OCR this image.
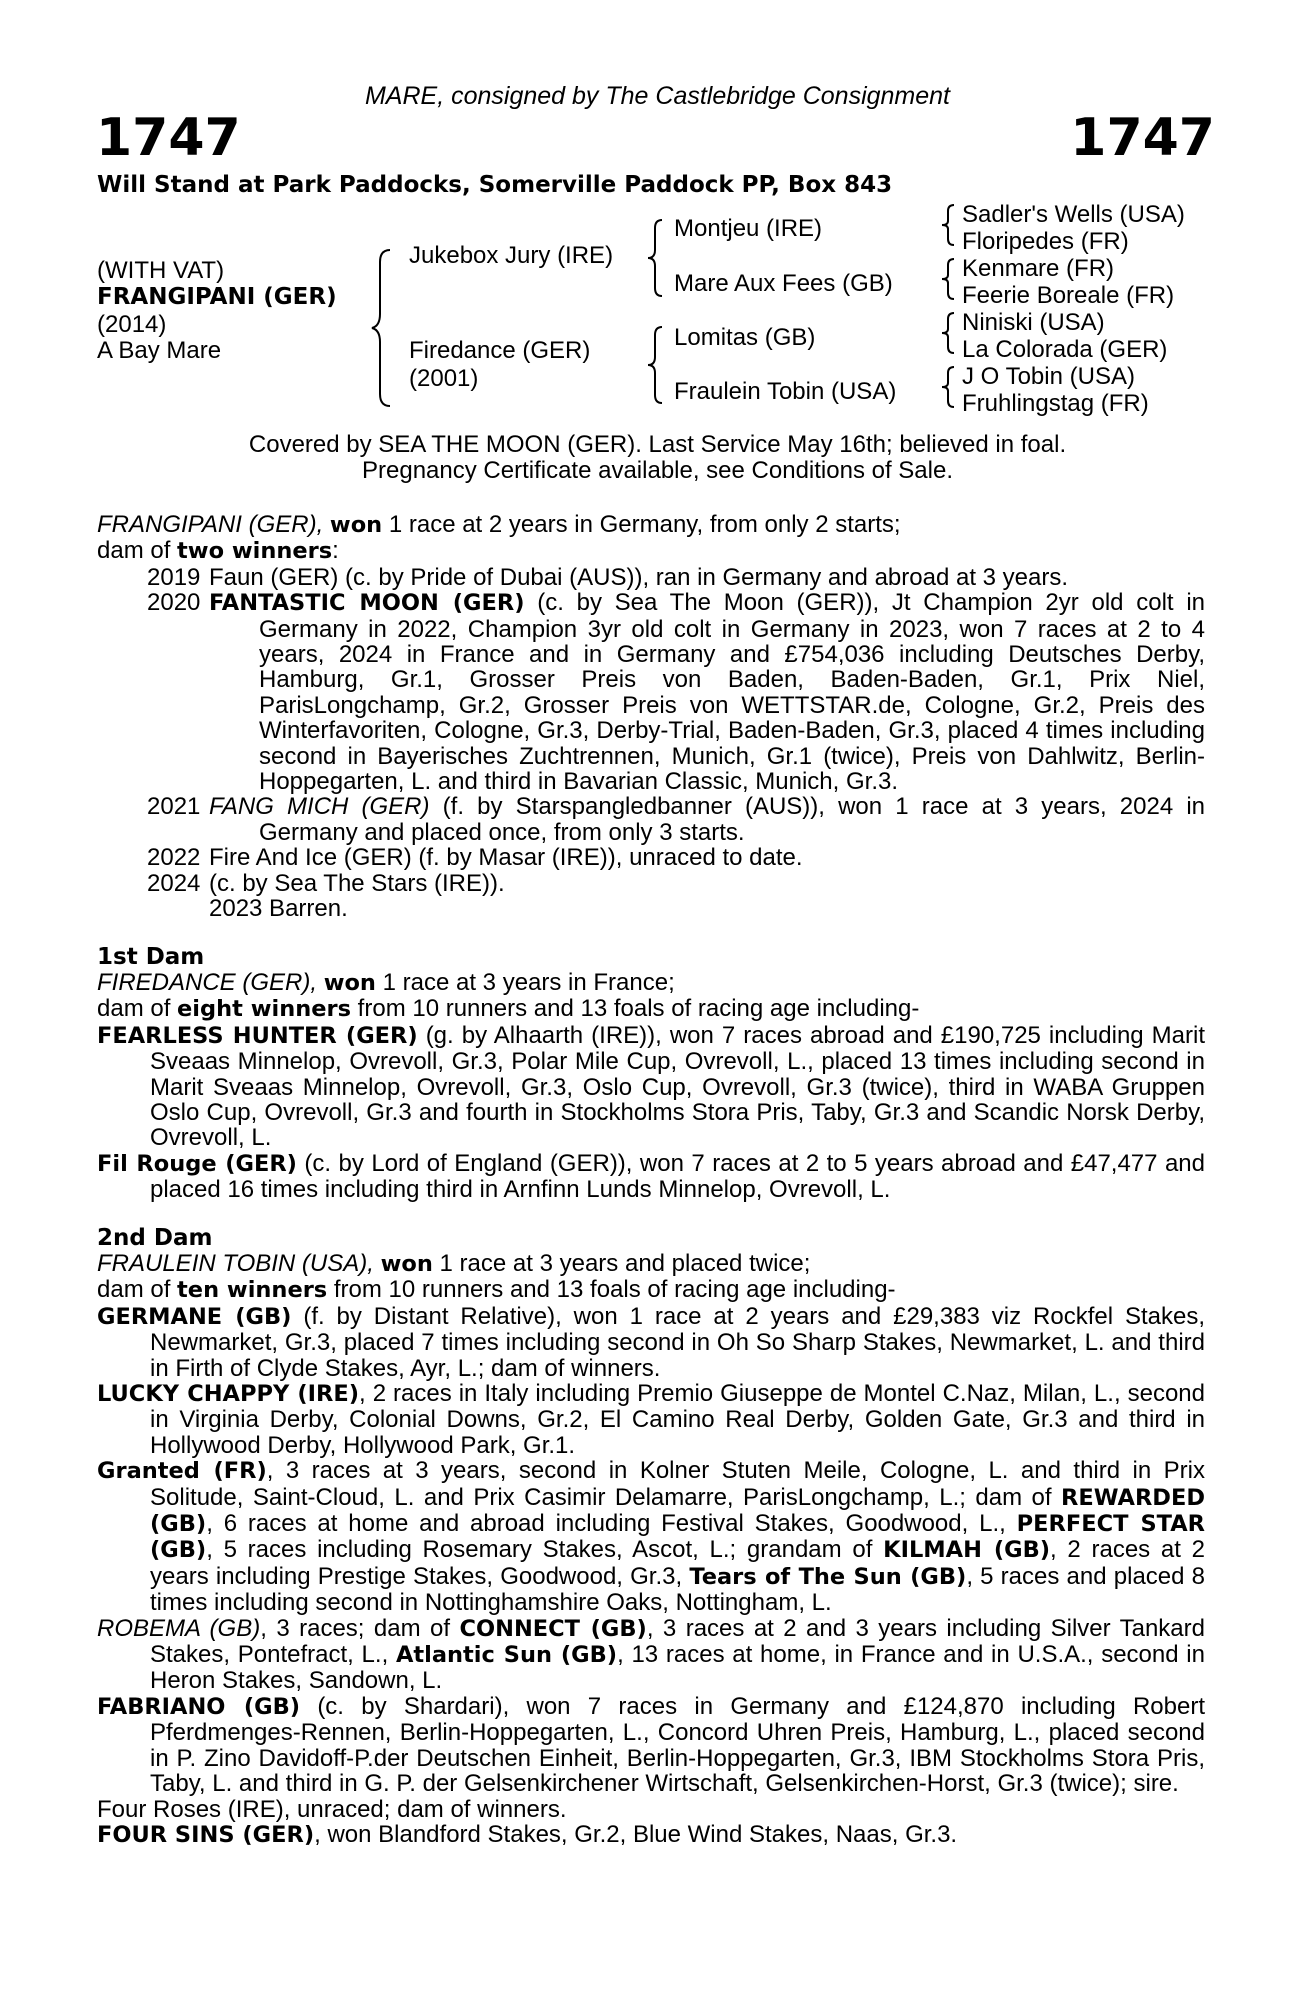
MARE, consigned by The Castlebridge Consignment
1747	1747
Will Stand at Park Paddocks, Somerville Paddock PP, Box 843
(WITH VAT)
FRANGIPANI (GER)
(2014)
A Bay Mare
Jukebox Jury (IRE)
Firedance (GER)
(2001)
Montjeu (IRE)
Mare Aux Fees (GB)
Lomitas (GB)
Fraulein Tobin (USA)
Sadler's Wells (USA)
Floripedes (FR)
Kenmare (FR)
Feerie Boreale (FR)
Niniski (USA)
La Colorada (GER)
J O Tobin (USA)
Fruhlingstag (FR)
Covered by SEA THE MOON (GER). Last Service May 16th; believed in foal.
Pregnancy Certificate available, see Conditions of Sale.

FRANGIPANI (GER), won 1 race at 2 years in Germany, from only 2 starts;

dam of two winners:

2019 Faun (GER) (c. by Pride of Dubai (AUS)), ran in Germany and abroad at 3 years.
2020 FANTASTIC MOON (GER) (c. by Sea The Moon (GER)), Jt Champion 2yr old colt in Germany in 2022, Champion 3yr old colt in Germany in 2023, won 7 races at 2 to 4 years, 2024 in France and in Germany and £754,036 including Deutsches Derby, Hamburg, Gr.1, Grosser Preis von Baden, Baden-Baden, Gr.1, Prix Niel, ParisLongchamp, Gr.2, Grosser Preis von WETTSTAR.de, Cologne, Gr.2, Preis des Winterfavoriten, Cologne, Gr.3, Derby-Trial, Baden-Baden, Gr.3, placed 4 times including second in Bayerisches Zuchtrennen, Munich, Gr.1 (twice), Preis von Dahlwitz, Berlin-Hoppegarten, L. and third in Bavarian Classic, Munich, Gr.3.
2021 FANG MICH (GER) (f. by Starspangledbanner (AUS)), won 1 race at 3 years, 2024 in Germany and placed once, from only 3 starts.
2022 Fire And Ice (GER) (f. by Masar (IRE)), unraced to date.
2024 (c. by Sea The Stars (IRE)).
2023 Barren.

1st Dam

FIREDANCE (GER), won 1 race at 3 years in France;

dam of eight winners from 10 runners and 13 foals of racing age including-

FEARLESS HUNTER (GER) (g. by Alhaarth (IRE)), won 7 races abroad and £190,725 including Marit Sveaas Minnelop, Ovrevoll, Gr.3, Polar Mile Cup, Ovrevoll, L., placed 13 times including second in Marit Sveaas Minnelop, Ovrevoll, Gr.3, Oslo Cup, Ovrevoll, Gr.3 (twice), third in WABA Gruppen Oslo Cup, Ovrevoll, Gr.3 and fourth in Stockholms Stora Pris, Taby, Gr.3 and Scandic Norsk Derby, Ovrevoll, L.

Fil Rouge (GER) (c. by Lord of England (GER)), won 7 races at 2 to 5 years abroad and £47,477 and placed 16 times including third in Arnfinn Lunds Minnelop, Ovrevoll, L.

2nd Dam

FRAULEIN TOBIN (USA), won 1 race at 3 years and placed twice;

dam of ten winners from 10 runners and 13 foals of racing age including-

GERMANE (GB) (f. by Distant Relative), won 1 race at 2 years and £29,383 viz Rockfel Stakes, Newmarket, Gr.3, placed 7 times including second in Oh So Sharp Stakes, Newmarket, L. and third in Firth of Clyde Stakes, Ayr, L.; dam of winners.

LUCKY CHAPPY (IRE), 2 races in Italy including Premio Giuseppe de Montel C.Naz, Milan, L., second in Virginia Derby, Colonial Downs, Gr.2, El Camino Real Derby, Golden Gate, Gr.3 and third in Hollywood Derby, Hollywood Park, Gr.1.

Granted (FR), 3 races at 3 years, second in Kolner Stuten Meile, Cologne, L. and third in Prix Solitude, Saint-Cloud, L. and Prix Casimir Delamarre, ParisLongchamp, L.; dam of REWARDED (GB), 6 races at home and abroad including Festival Stakes, Goodwood, L., PERFECT STAR (GB), 5 races including Rosemary Stakes, Ascot, L.; grandam of KILMAH (GB), 2 races at 2 years including Prestige Stakes, Goodwood, Gr.3, Tears of The Sun (GB), 5 races and placed 8 times including second in Nottinghamshire Oaks, Nottingham, L.

ROBEMA (GB), 3 races; dam of CONNECT (GB), 3 races at 2 and 3 years including Silver Tankard Stakes, Pontefract, L., Atlantic Sun (GB), 13 races at home, in France and in U.S.A., second in Heron Stakes, Sandown, L.

FABRIANO (GB) (c. by Shardari), won 7 races in Germany and £124,870 including Robert Pferdmenges-Rennen, Berlin-Hoppegarten, L., Concord Uhren Preis, Hamburg, L., placed second in P. Zino Davidoff-P.der Deutschen Einheit, Berlin-Hoppegarten, Gr.3, IBM Stockholms Stora Pris, Taby, L. and third in G. P. der Gelsenkirchener Wirtschaft, Gelsenkirchen-Horst, Gr.3 (twice); sire.

Four Roses (IRE), unraced; dam of winners.

FOUR SINS (GER), won Blandford Stakes, Gr.2, Blue Wind Stakes, Naas, Gr.3.
